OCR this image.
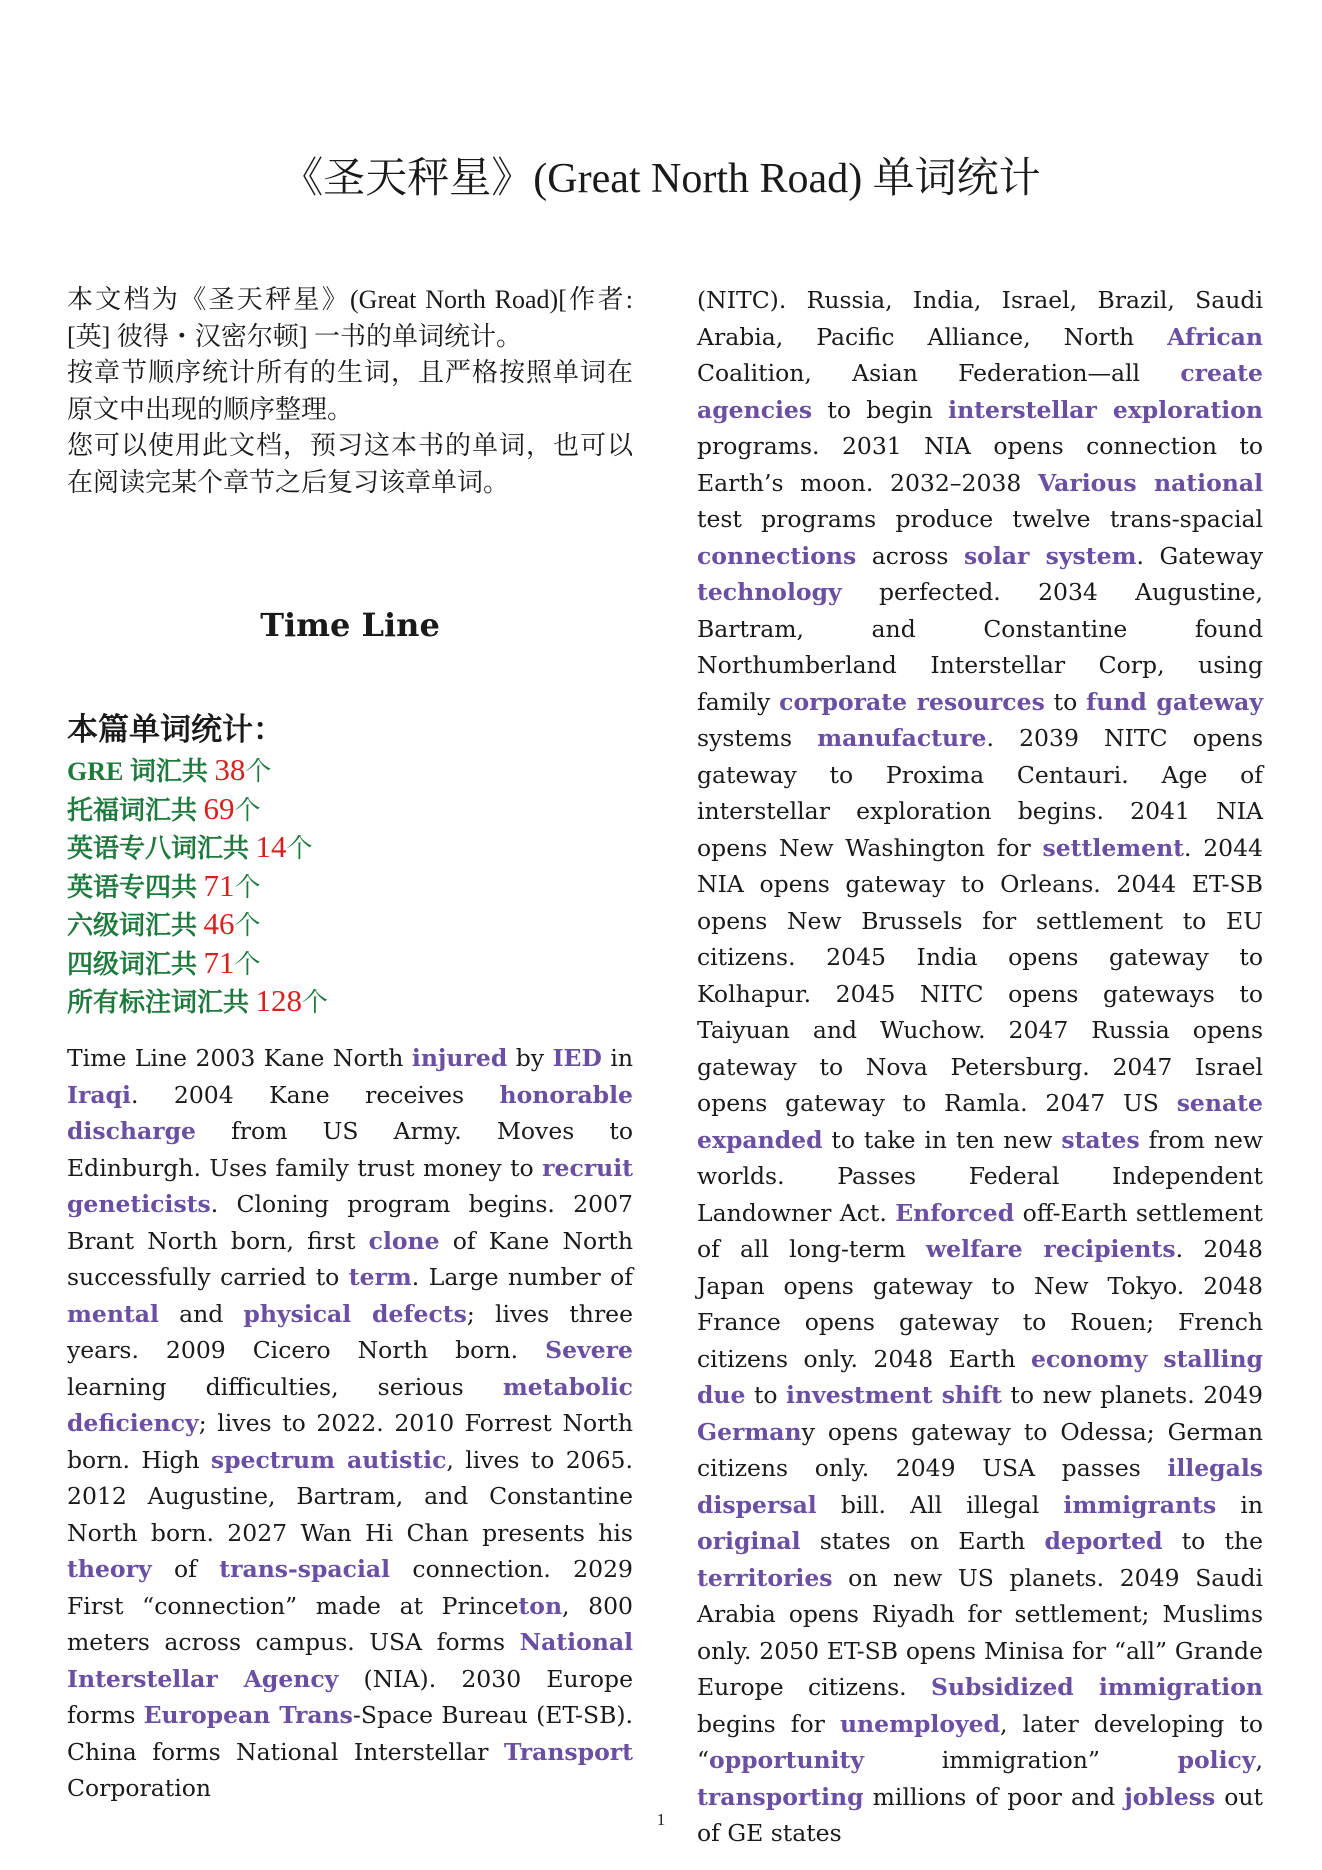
《圣天秤星》(Great North Road) 单词统计

本文档为《圣天秤星》(Great North Road)[作者: [英] 彼得・汉密尔顿] 一书的单词统计。

按章节顺序统计所有的生词，且严格按照单词在原文中出现的顺序整理。

您可以使用此文档，预习这本书的单词，也可以在阅读完某个章节之后复习该章单词。

Time Line

本篇单词统计：

GRE 词汇共 38个

托福词汇共 69个

英语专八词汇共 14个

英语专四共 71个

六级词汇共 46个

四级词汇共 71个

所有标注词汇共 128个

Time Line 2003 Kane North injured by IED in Iraqi. 2004 Kane receives honorable discharge from US Army. Moves to Edinburgh. Uses family trust money to recruit geneticists. Cloning program begins. 2007 Brant North born, first clone of Kane North successfully carried to term. Large number of mental and physical defects; lives three years. 2009 Cicero North born. Severe learning difficulties, serious metabolic deficiency; lives to 2022. 2010 Forrest North born. High spectrum autistic, lives to 2065. 2012 Augustine, Bartram, and Constantine North born. 2027 Wan Hi Chan presents his theory of trans-spacial connection. 2029 First “connection” made at Princeton, 800 meters across campus. USA forms National Interstellar Agency (NIA). 2030 Europe forms European Trans-Space Bureau (ET-SB). China forms National Interstellar Transport Corporation

(NITC). Russia, India, Israel, Brazil, Saudi Arabia, Pacific Alliance, North African Coalition, Asian Federation—all create agencies to begin interstellar exploration programs. 2031 NIA opens connection to Earth’s moon. 2032–2038 Various national test programs produce twelve trans-spacial connections across solar system. Gateway technology perfected. 2034 Augustine, Bartram, and Constantine found Northumberland Interstellar Corp, using family corporate resources to fund gateway systems manufacture. 2039 NITC opens gateway to Proxima Centauri. Age of interstellar exploration begins. 2041 NIA opens New Washington for settlement. 2044 NIA opens gateway to Orleans. 2044 ET-SB opens New Brussels for settlement to EU citizens. 2045 India opens gateway to Kolhapur. 2045 NITC opens gateways to Taiyuan and Wuchow. 2047 Russia opens gateway to Nova Petersburg. 2047 Israel opens gateway to Ramla. 2047 US senate expanded to take in ten new states from new worlds. Passes Federal Independent Landowner Act. Enforced off-Earth settlement of all long-term welfare recipients. 2048 Japan opens gateway to New Tokyo. 2048 France opens gateway to Rouen; French citizens only. 2048 Earth economy stalling due to investment shift to new planets. 2049 Germany opens gateway to Odessa; German citizens only. 2049 USA passes illegals dispersal bill. All illegal immigrants in original states on Earth deported to the territories on new US planets. 2049 Saudi Arabia opens Riyadh for settlement; Muslims only. 2050 ET-SB opens Minisa for “all” Grande Europe citizens. Subsidized immigration begins for unemployed, later developing to “opportunity immigration” policy, transporting millions of poor and jobless out of GE states

1
